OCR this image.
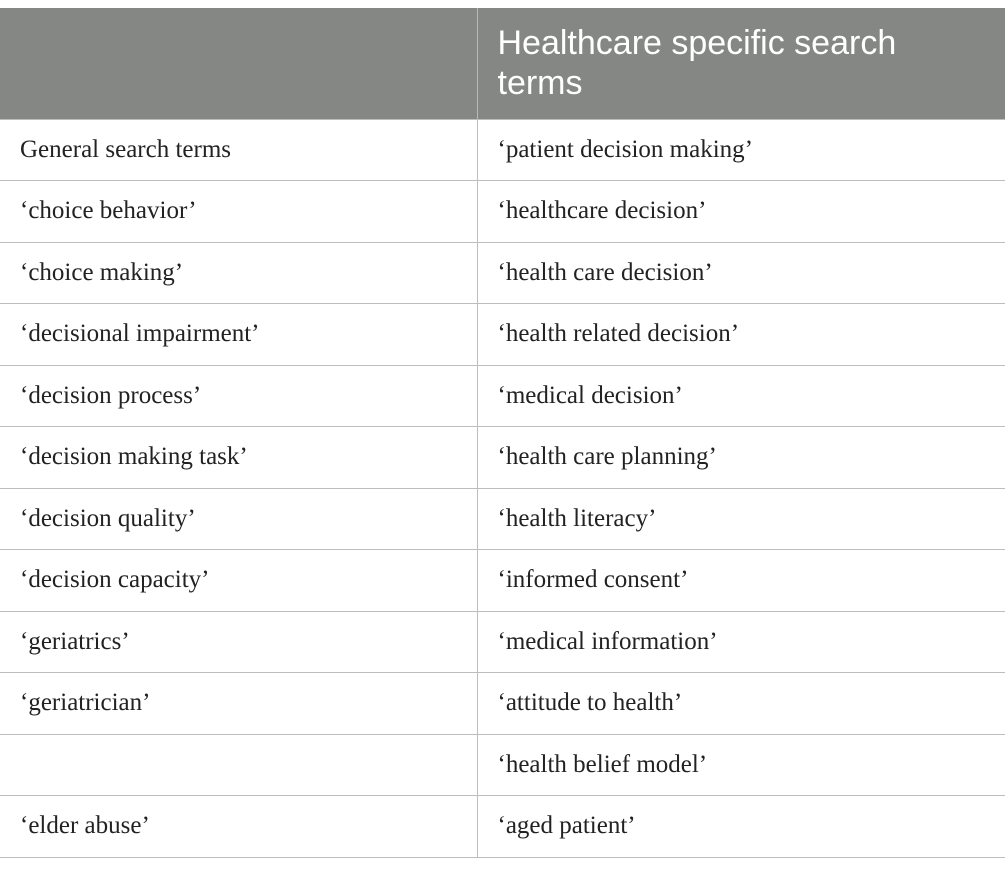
	Healthcare specific search terms
General search terms	‘patient decision making’
‘choice behavior’	‘healthcare decision’
‘choice making’	‘health care decision’
‘decisional impairment’	‘health related decision’
‘decision process’	‘medical decision’
‘decision making task’	‘health care planning’
‘decision quality’	‘health literacy’
‘decision capacity’	‘informed consent’
‘geriatrics’	‘medical information’
‘geriatrician’	‘attitude to health’
	‘health belief model’
‘elder abuse’	‘aged patient’
